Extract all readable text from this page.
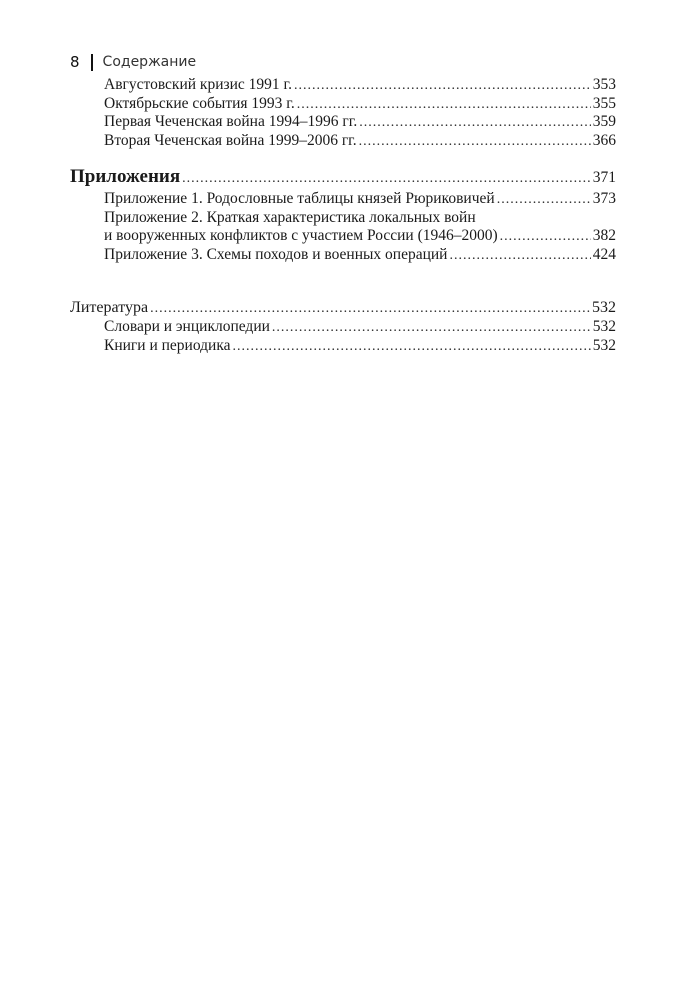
8 Содержание
Августовский кризис 1991 г. .....	353
Октябрьские события 1993 г. .....	355
Первая Чеченская война 1994–1996 гг. .....	359
Вторая Чеченская война 1999–2006 гг. .....	366
Приложения .....	371
Приложение 1. Родословные таблицы князей Рюриковичей .....	373
Приложение 2. Краткая характеристика локальных войн
и вооруженных конфликтов с участием России (1946–2000) .....	382
Приложение 3. Схемы походов и военных операций .....	424
Литература .....	532
Словари и энциклопедии .....	532
Книги и периодика .....	532
